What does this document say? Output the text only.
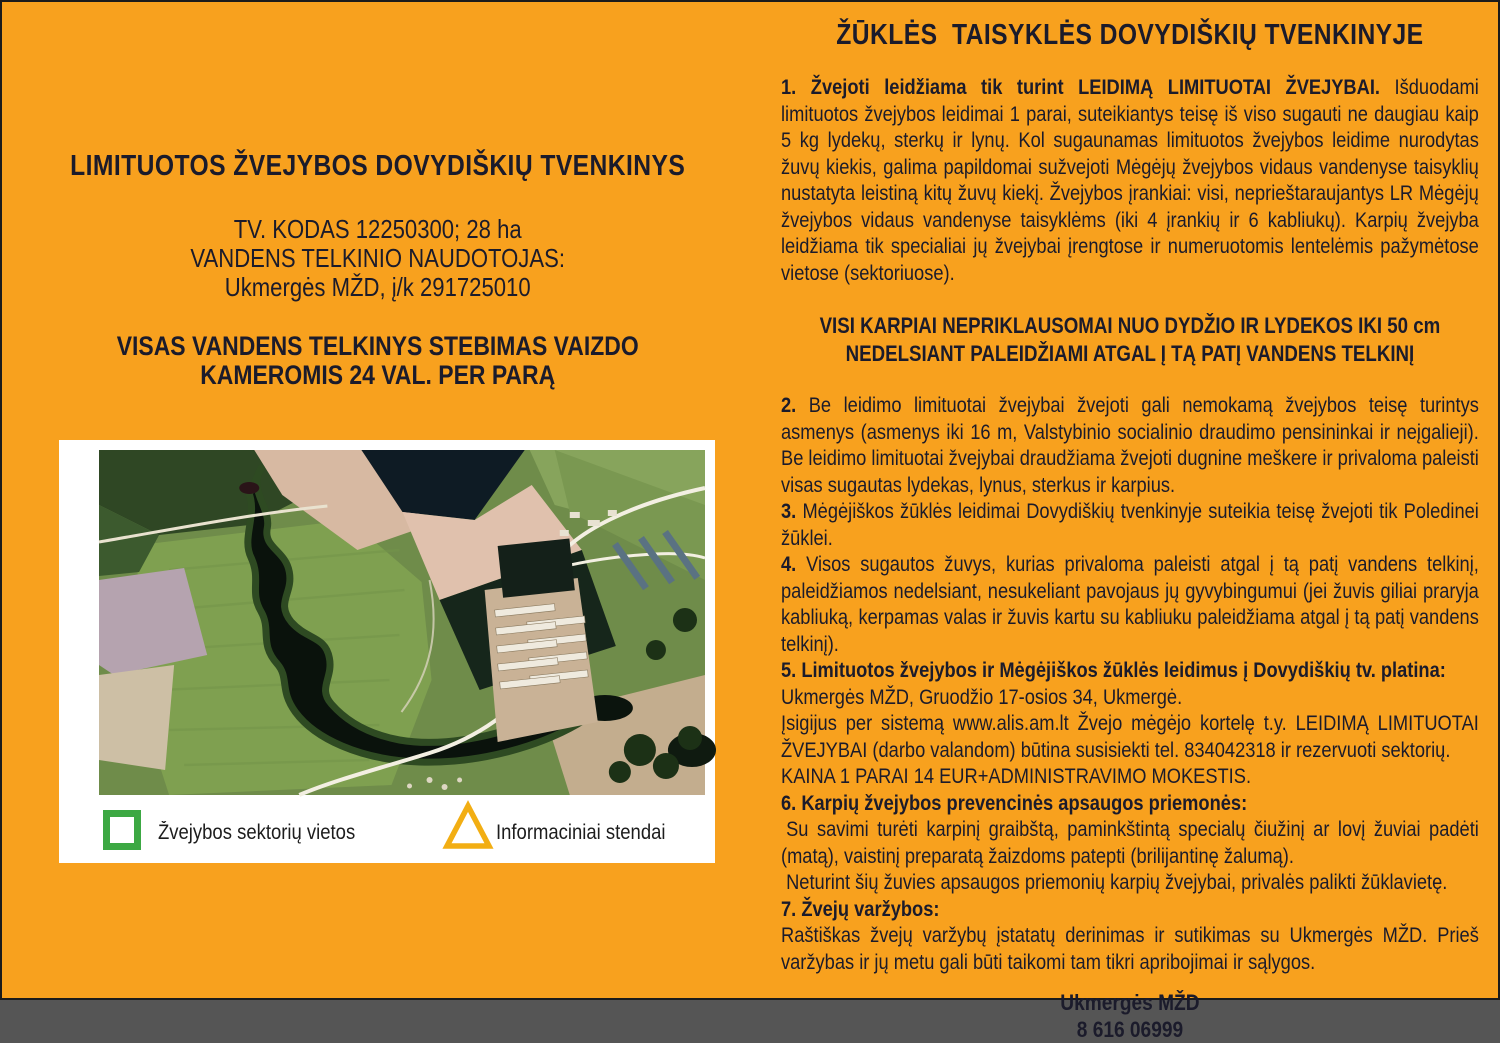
LIMITUOTOS ŽVEJYBOS DOVYDIŠKIŲ TVENKINYS

TV. KODAS 12250300; 28 ha

VANDENS TELKINIO NAUDOTOJAS:

Ukmergės MŽD, į/k 291725010

VISAS VANDENS TELKINYS STEBIMAS VAIZDO

KAMEROMIS 24 VAL. PER PARĄ

Žvejybos sektorių vietos	Informaciniai stendai
ŽŪKLĖS  TAISYKLĖS DOVYDIŠKIŲ TVENKINYJE

1. Žvejoti leidžiama tik turint LEIDIMĄ LIMITUOTAI ŽVEJYBAI. Išduodami limituotos žvejybos leidimai 1 parai, suteikiantys teisę iš viso sugauti ne daugiau kaip 5 kg lydekų, sterkų ir lynų. Kol sugaunamas limituotos žvejybos leidime nurodytas žuvų kiekis, galima papildomai sužvejoti Mėgėjų žvejybos vidaus vandenyse taisyklių nustatyta leistiną kitų žuvų kiekį. Žvejybos įrankiai: visi, neprieštaraujantys LR Mėgėjų žvejybos vidaus vandenyse taisyklėms (iki 4 įrankių ir 6 kabliukų). Karpių žvejyba leidžiama tik specialiai jų žvejybai įrengtose ir numeruotomis lentelėmis pažymėtose vietose (sektoriuose).

VISI KARPIAI NEPRIKLAUSOMAI NUO DYDŽIO IR LYDEKOS IKI 50 cm

NEDELSIANT PALEIDŽIAMI ATGAL Į TĄ PATĮ VANDENS TELKINĮ

2. Be leidimo limituotai žvejybai žvejoti gali nemokamą žvejybos teisę turintys asmenys (asmenys iki 16 m, Valstybinio socialinio draudimo pensininkai ir neįgalieji). Be leidimo limituotai žvejybai draudžiama žvejoti dugnine meškere ir privaloma paleisti visas sugautas lydekas, lynus, sterkus ir karpius.

3. Mėgėjiškos žūklės leidimai Dovydiškių tvenkinyje suteikia teisę žvejoti tik Poledinei žūklei.

4. Visos sugautos žuvys, kurias privaloma paleisti atgal į tą patį vandens telkinį, paleidžiamos nedelsiant, nesukeliant pavojaus jų gyvybingumui (jei žuvis giliai praryja kabliuką, kerpamas valas ir žuvis kartu su kabliuku paleidžiama atgal į tą patį vandens telkinį).

5. Limituotos žvejybos ir Mėgėjiškos žūklės leidimus į Dovydiškių tv. platina:

Ukmergės MŽD, Gruodžio 17-osios 34, Ukmergė.

Įsigijus per sistemą www.alis.am.lt Žvejo mėgėjo kortelę t.y. LEIDIMĄ LIMITUOTAI ŽVEJYBAI (darbo valandom) būtina susisiekti tel. 834042318 ir rezervuoti sektorių.

KAINA 1 PARAI 14 EUR+ADMINISTRAVIMO MOKESTIS.

6. Karpių žvejybos prevencinės apsaugos priemonės:

Su savimi turėti karpinį graibštą, paminkštintą specialų čiužinį ar lovį žuviai padėti (matą), vaistinį preparatą žaizdoms patepti (brilijantinę žalumą).

Neturint šių žuvies apsaugos priemonių karpių žvejybai, privalės palikti žūklavietę.

7. Žvejų varžybos:

Raštiškas žvejų varžybų įstatatų derinimas ir sutikimas su Ukmergės MŽD. Prieš varžybas ir jų metu gali būti taikomi tam tikri apribojimai ir sąlygos.

Ukmergės MŽD

8 616 06999
